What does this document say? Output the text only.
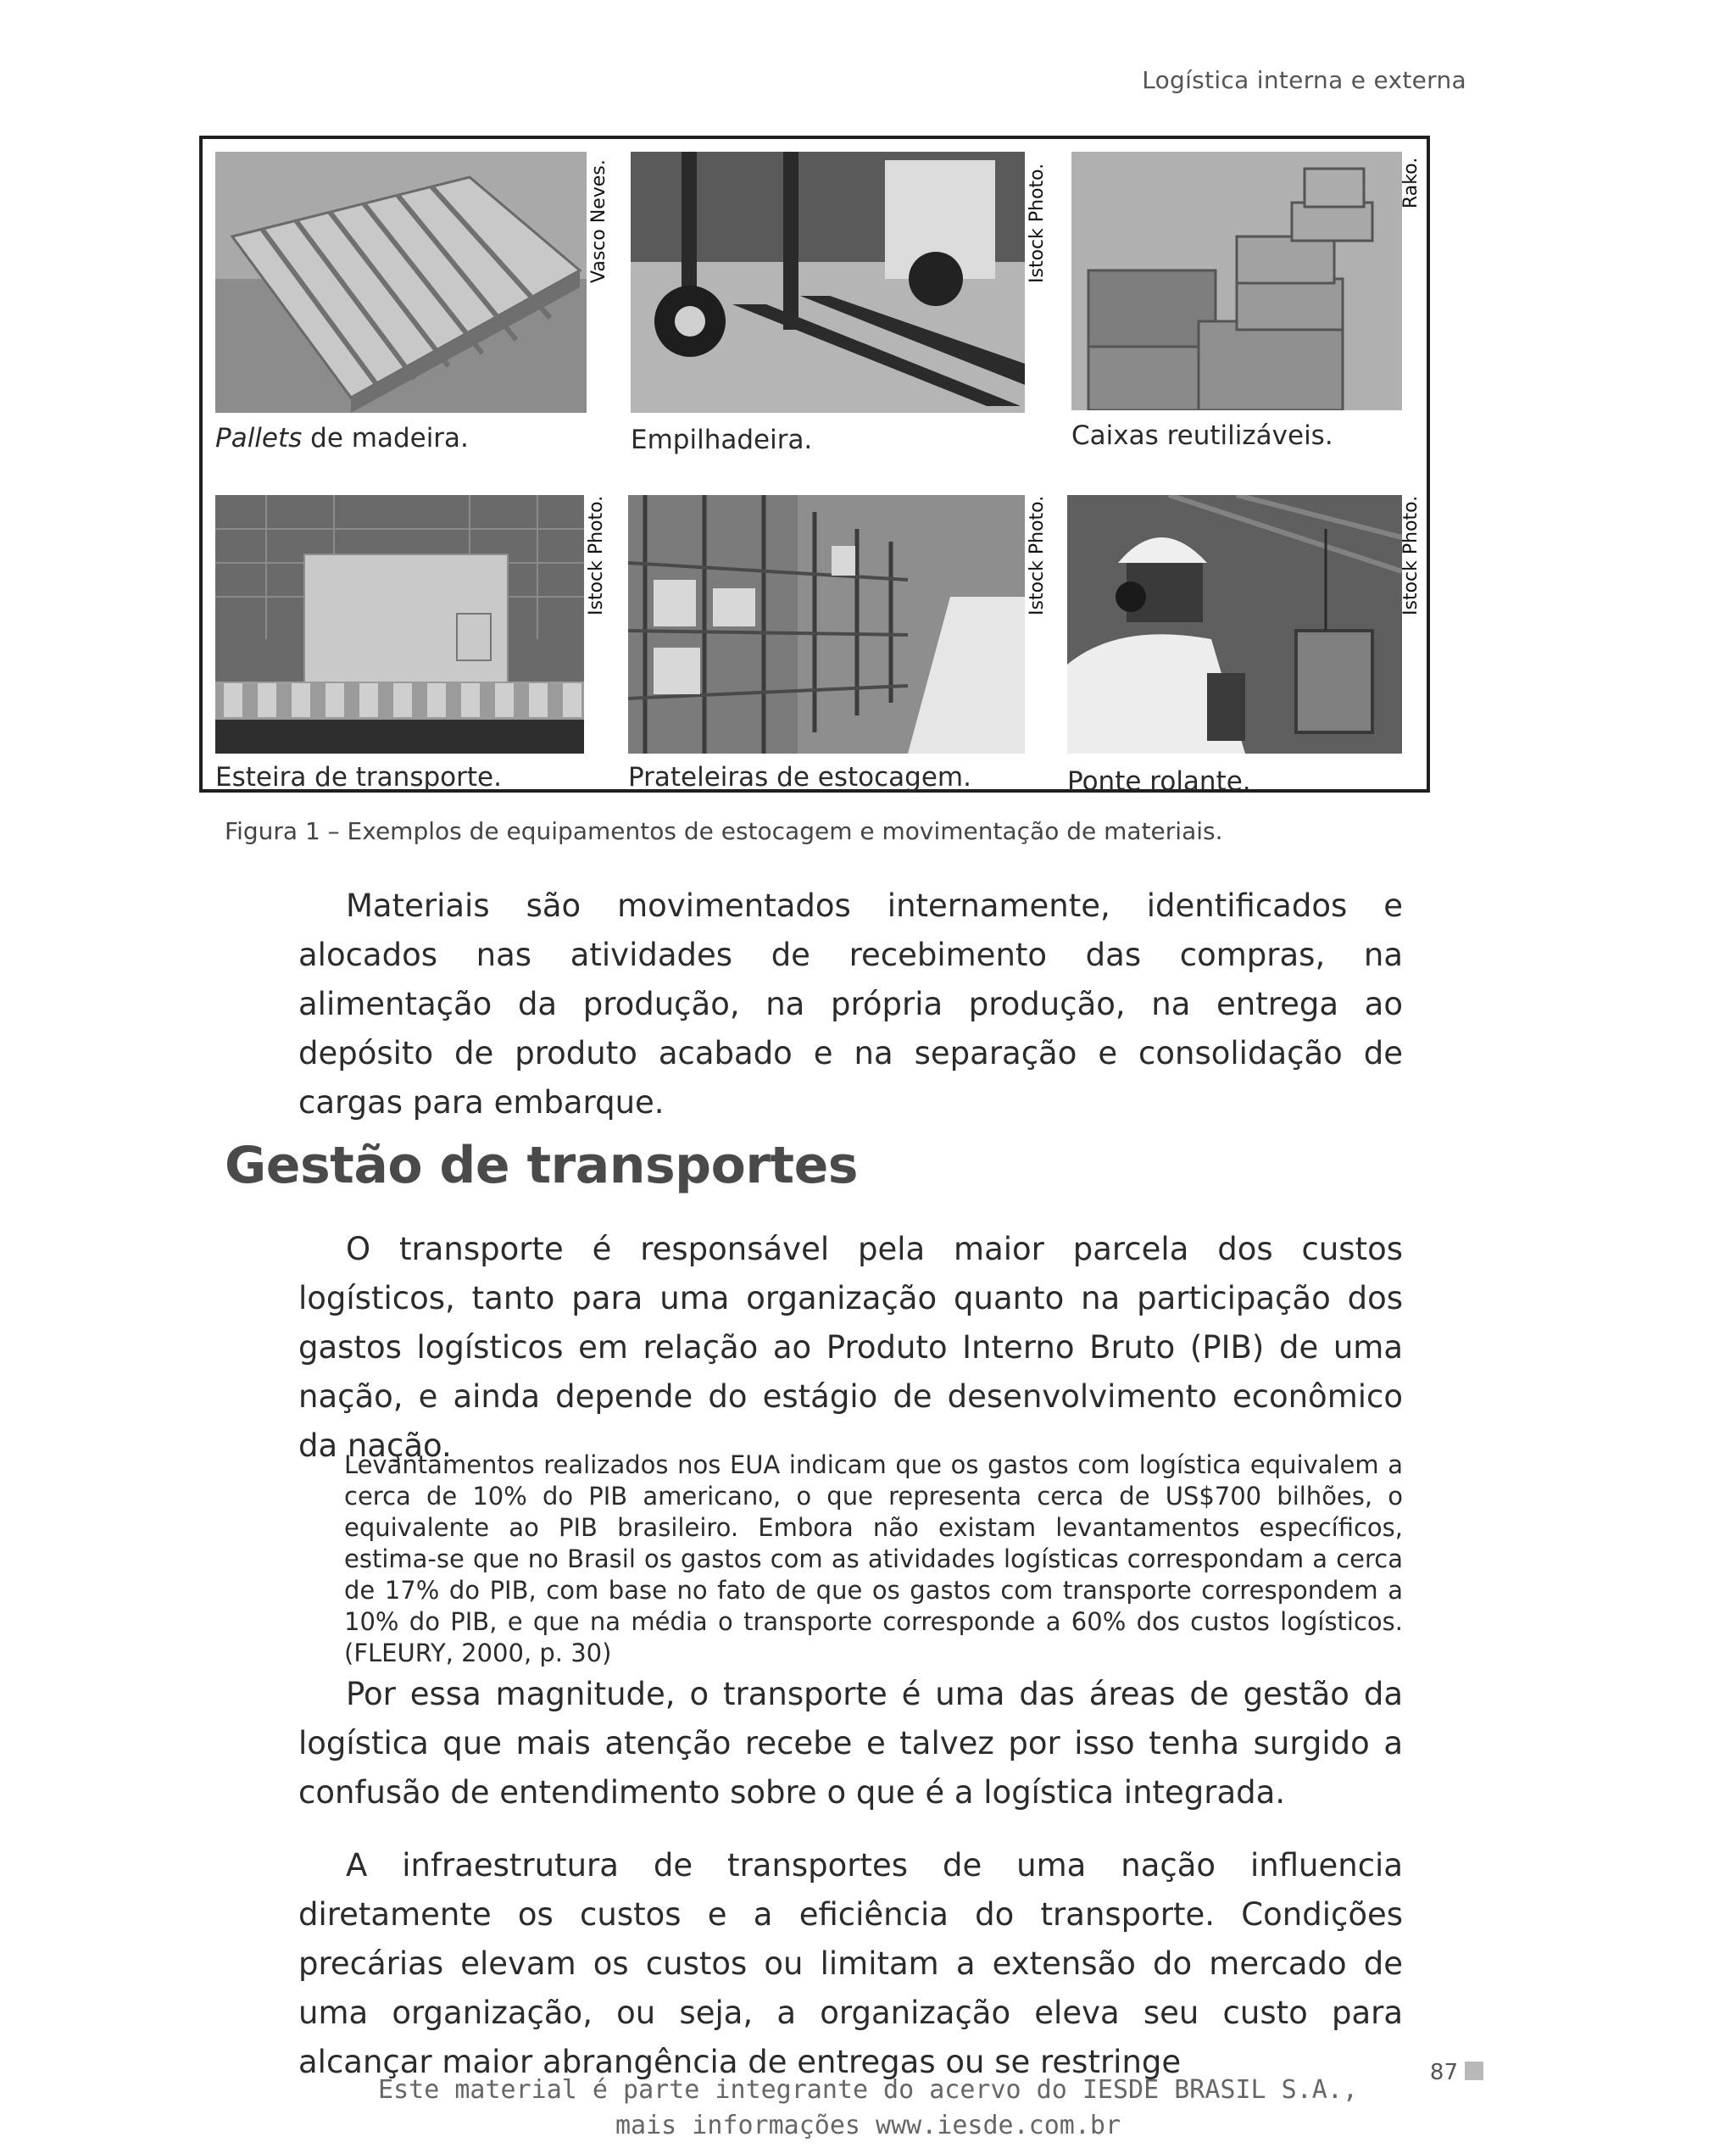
Logística interna e externa
Vasco Neves.
Pallets de madeira.
Istock Photo.
Empilhadeira.
Rako.
Caixas reutilizáveis.
Istock Photo.
Esteira de transporte.
Istock Photo.
Prateleiras de estocagem.
Istock Photo.
Ponte rolante.
Figura 1 – Exemplos de equipamentos de estocagem e movimentação de materiais.

Materiais são movimentados internamente, identificados e alocados nas atividades de recebimento das compras, na alimentação da produção, na própria produção, na entrega ao depósito de produto acabado e na separação e consolidação de cargas para embarque.

Gestão de transportes

O transporte é responsável pela maior parcela dos custos logísticos, tanto para uma organização quanto na participação dos gastos logísticos em relação ao Produto Interno Bruto (PIB) de uma nação, e ainda depende do estágio de desenvolvimento econômico da nação.

Levantamentos realizados nos EUA indicam que os gastos com logística equivalem a cerca de 10% do PIB americano, o que representa cerca de US$700 bilhões, o equivalente ao PIB brasileiro. Embora não existam levantamentos específicos, estima-se que no Brasil os gastos com as atividades logísticas correspondam a cerca de 17% do PIB, com base no fato de que os gastos com transporte correspondem a 10% do PIB, e que na média o transporte corresponde a 60% dos custos logísticos. (FLEURY, 2000, p. 30)

Por essa magnitude, o transporte é uma das áreas de gestão da logística que mais atenção recebe e talvez por isso tenha surgido a confusão de entendimento sobre o que é a logística integrada.

A infraestrutura de transportes de uma nação influencia diretamente os custos e a eficiência do transporte. Condições precárias elevam os custos ou limitam a extensão do mercado de uma organização, ou seja, a organização eleva seu custo para alcançar maior abrangência de entregas ou se restringe	87
Este material é parte integrante do acervo do IESDE BRASIL S.A.,
mais informações www.iesde.com.br
